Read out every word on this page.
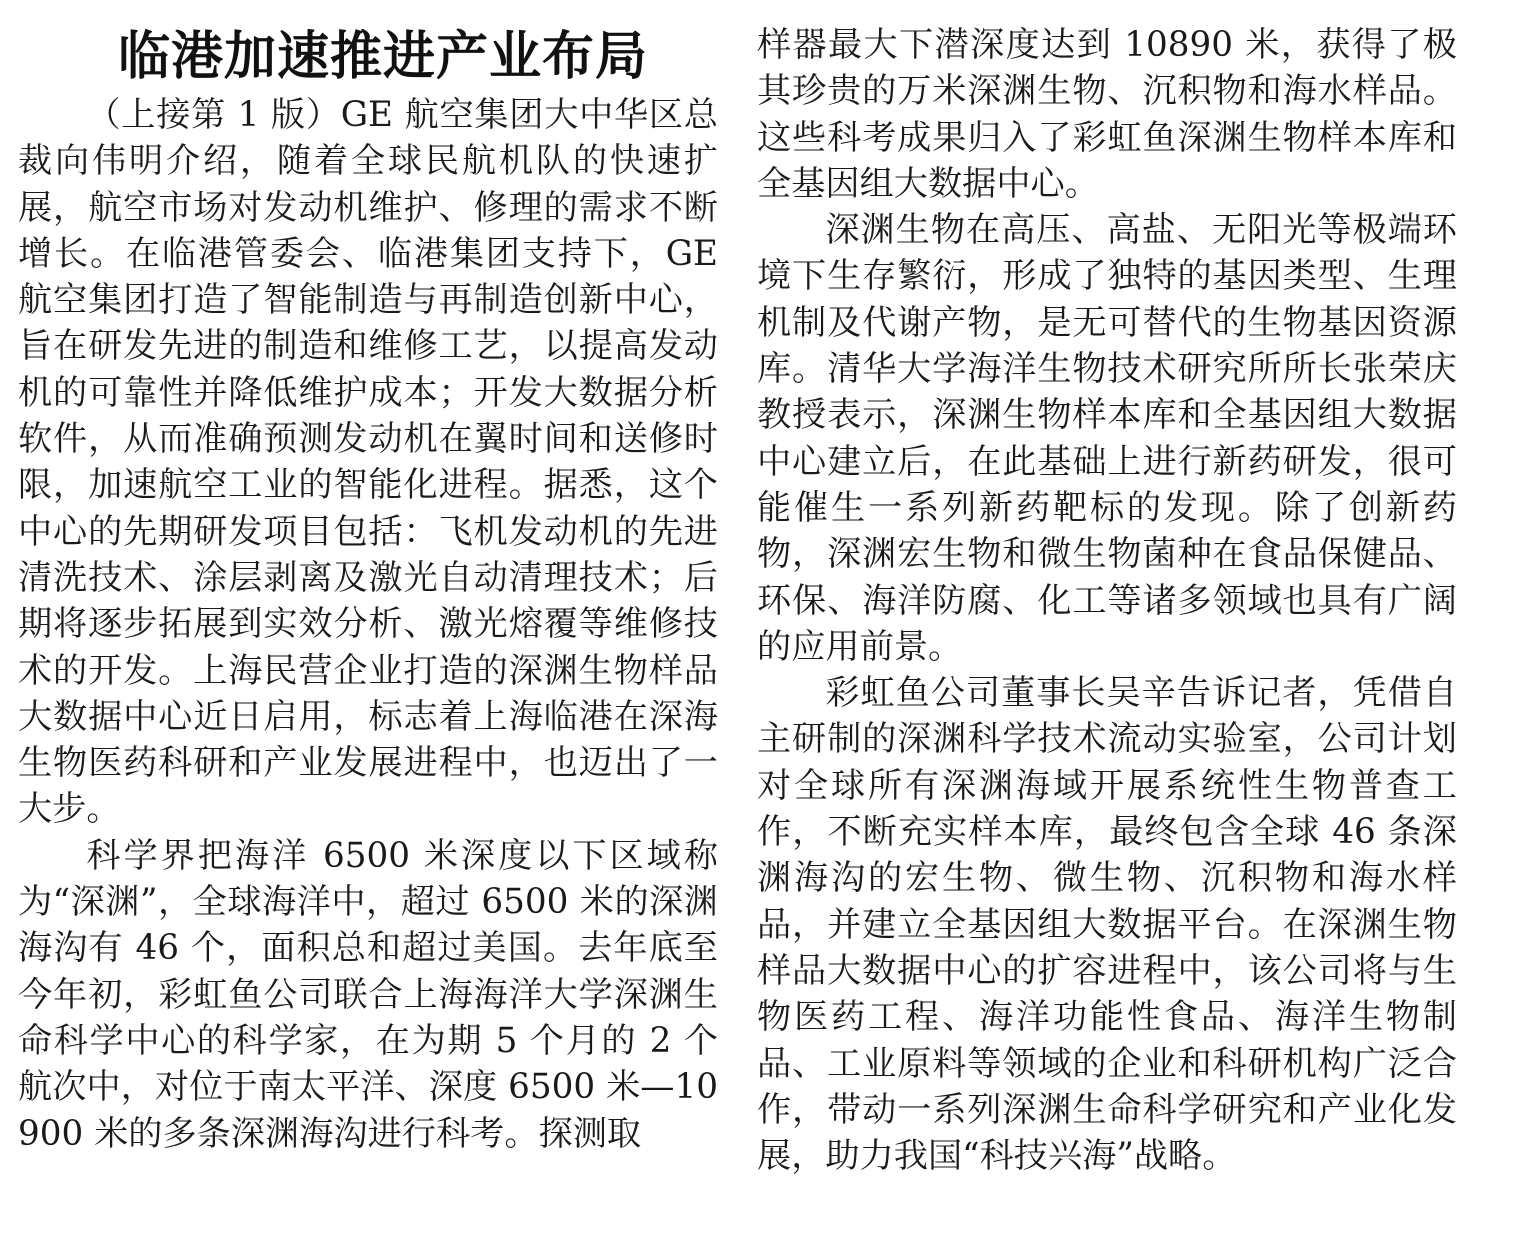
临港加速推进产业布局

（上接第 1 版）GE 航空集团大中华区总裁向伟明介绍，随着全球民航机队的快速扩展，航空市场对发动机维护、修理的需求不断增长。在临港管委会、临港集团支持下，GE 航空集团打造了智能制造与再制造创新中心，旨在研发先进的制造和维修工艺，以提高发动机的可靠性并降低维护成本；开发大数据分析软件，从而准确预测发动机在翼时间和送修时限，加速航空工业的智能化进程。据悉，这个中心的先期研发项目包括：飞机发动机的先进清洗技术、涂层剥离及激光自动清理技术；后期将逐步拓展到实效分析、激光熔覆等维修技术的开发。上海民营企业打造的深渊生物样品大数据中心近日启用，标志着上海临港在深海生物医药科研和产业发展进程中，也迈出了一大步。

科学界把海洋 6500 米深度以下区域称为“深渊”，全球海洋中，超过 6500 米的深渊海沟有 46 个，面积总和超过美国。去年底至今年初，彩虹鱼公司联合上海海洋大学深渊生命科学中心的科学家，在为期 5 个月的 2 个航次中，对位于南太平洋、深度 6500 米—10900 米的多条深渊海沟进行科考。探测取

样器最大下潜深度达到 10890 米，获得了极其珍贵的万米深渊生物、沉积物和海水样品。这些科考成果归入了彩虹鱼深渊生物样本库和全基因组大数据中心。

深渊生物在高压、高盐、无阳光等极端环境下生存繁衍，形成了独特的基因类型、生理机制及代谢产物，是无可替代的生物基因资源库。清华大学海洋生物技术研究所所长张荣庆教授表示，深渊生物样本库和全基因组大数据中心建立后，在此基础上进行新药研发，很可能催生一系列新药靶标的发现。除了创新药物，深渊宏生物和微生物菌种在食品保健品、环保、海洋防腐、化工等诸多领域也具有广阔的应用前景。

彩虹鱼公司董事长吴辛告诉记者，凭借自主研制的深渊科学技术流动实验室，公司计划对全球所有深渊海域开展系统性生物普查工作，不断充实样本库，最终包含全球 46 条深渊海沟的宏生物、微生物、沉积物和海水样品，并建立全基因组大数据平台。在深渊生物样品大数据中心的扩容进程中，该公司将与生物医药工程、海洋功能性食品、海洋生物制品、工业原料等领域的企业和科研机构广泛合作，带动一系列深渊生命科学研究和产业化发展，助力我国“科技兴海”战略。
